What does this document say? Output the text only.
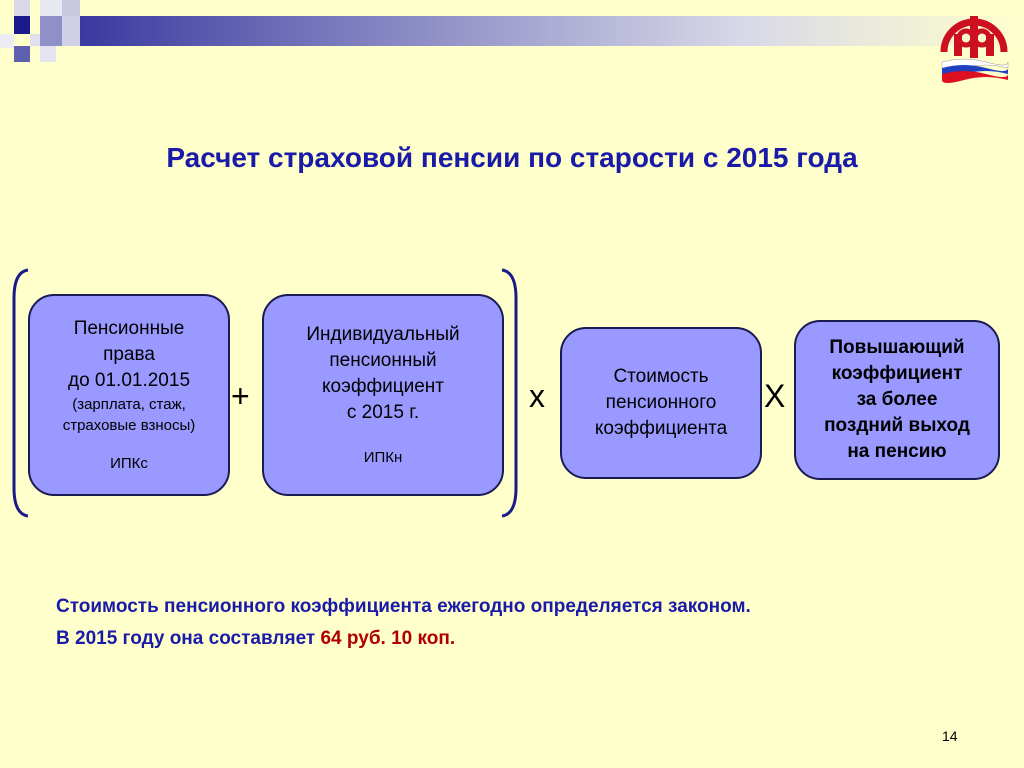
Расчет страховой пенсии по старости с 2015 года
Пенсионные
права
до 01.01.2015
(зарплата, стаж,
страховые взносы)
ИПКс
+
Индивидуальный
пенсионный
коэффициент
с 2015 г.
ИПКн
х
Стоимость
пенсионного
коэффициента
Х
Повышающий
коэффициент
за более
поздний выход
на пенсию
Стоимость пенсионного коэффициента ежегодно определяется законом.
В 2015 году она составляет 64 руб. 10 коп.
14
